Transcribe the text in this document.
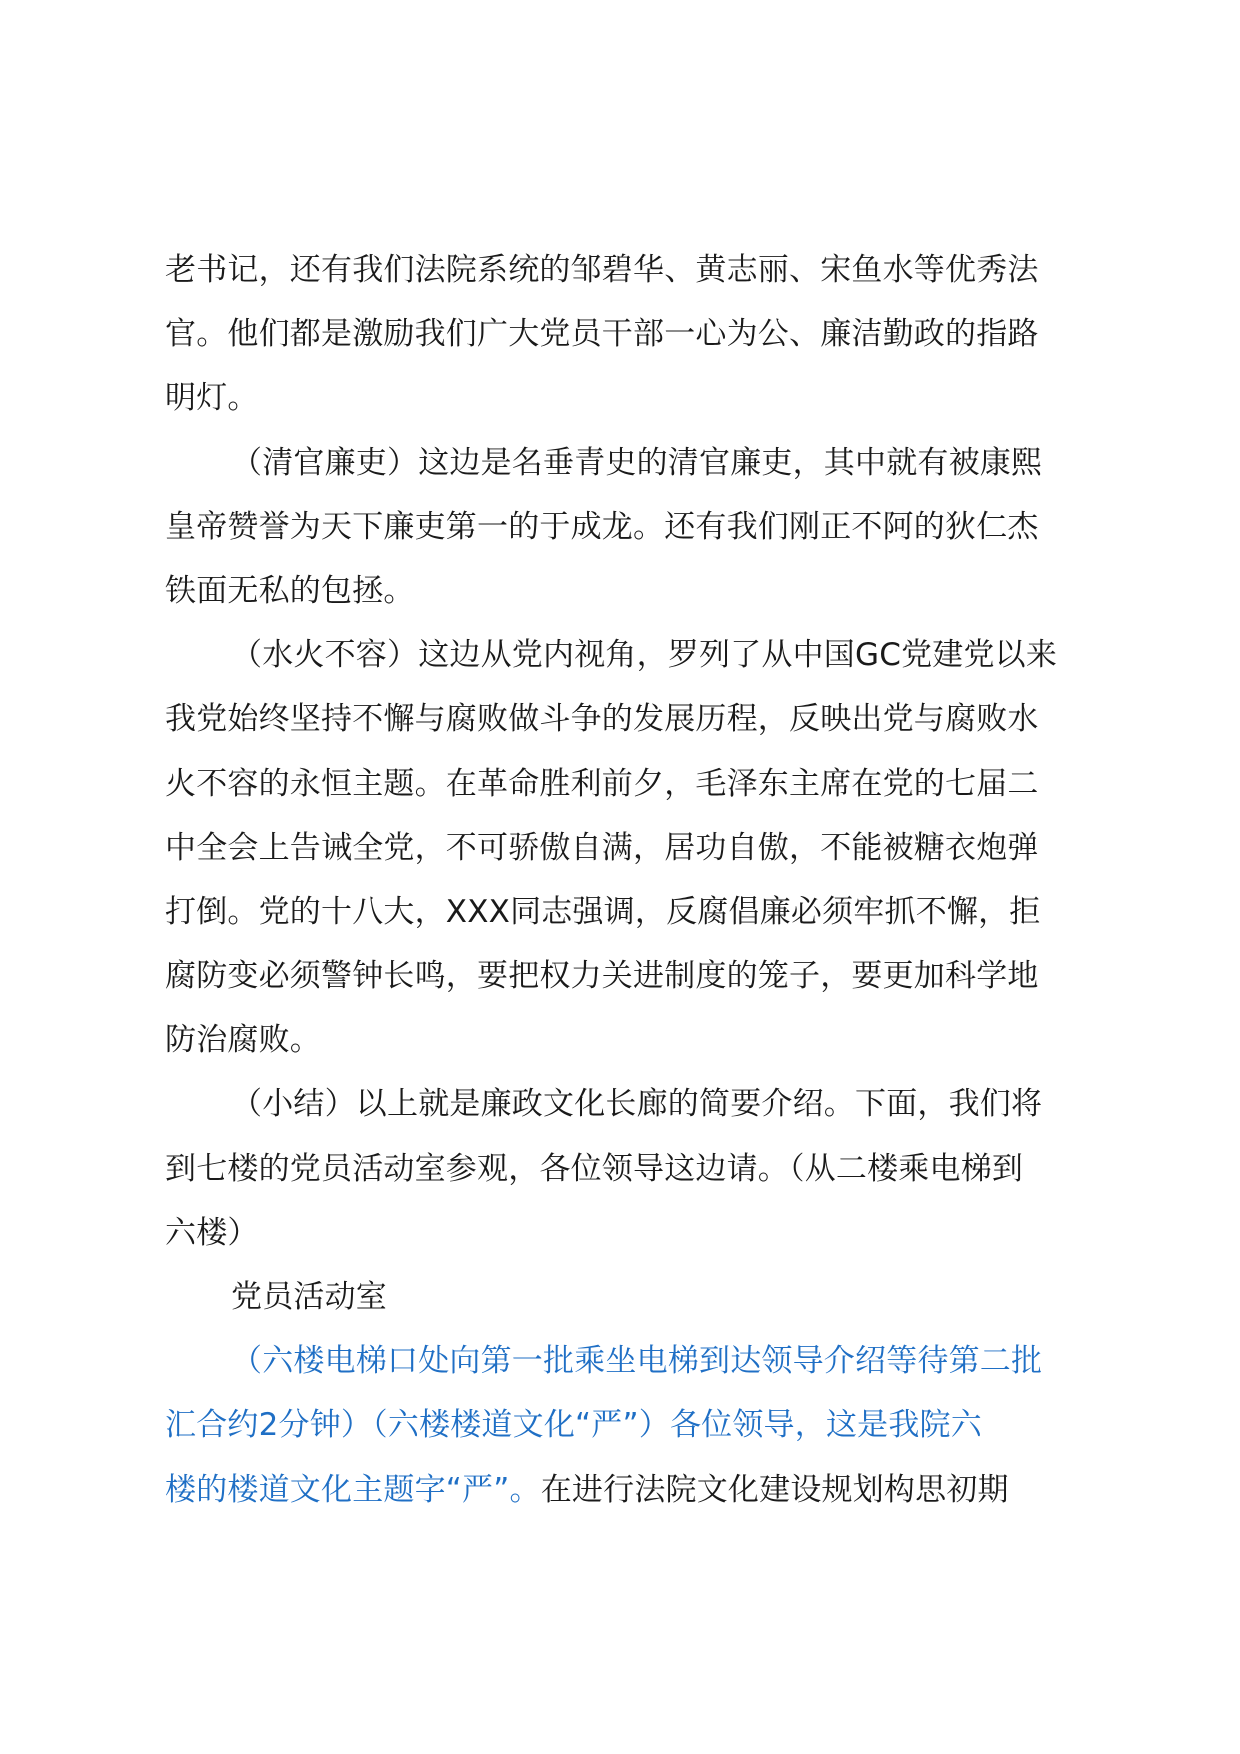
老书记，还有我们法院系统的邹碧华、黄志丽、宋鱼水等优秀法
官。他们都是激励我们广大党员干部一心为公、廉洁勤政的指路
明灯。
（清官廉吏）这边是名垂青史的清官廉吏，其中就有被康熙
皇帝赞誉为天下廉吏第一的于成龙。还有我们刚正不阿的狄仁杰
铁面无私的包拯。
（水火不容）这边从党内视角，罗列了从中国GC党建党以来
我党始终坚持不懈与腐败做斗争的发展历程，反映出党与腐败水
火不容的永恒主题。在革命胜利前夕，毛泽东主席在党的七届二
中全会上告诫全党，不可骄傲自满，居功自傲，不能被糖衣炮弹
打倒。党的十八大，XXX同志强调，反腐倡廉必须牢抓不懈，拒
腐防变必须警钟长鸣，要把权力关进制度的笼子，要更加科学地
防治腐败。
（小结）以上就是廉政文化长廊的简要介绍。下面，我们将
到七楼的党员活动室参观，各位领导这边请。（从二楼乘电梯到
六楼）
党员活动室
（六楼电梯口处向第一批乘坐电梯到达领导介绍等待第二批
汇合约2分钟）（六楼楼道文化“严”）各位领导，这是我院六
楼的楼道文化主题字“严”。在进行法院文化建设规划构思初期
